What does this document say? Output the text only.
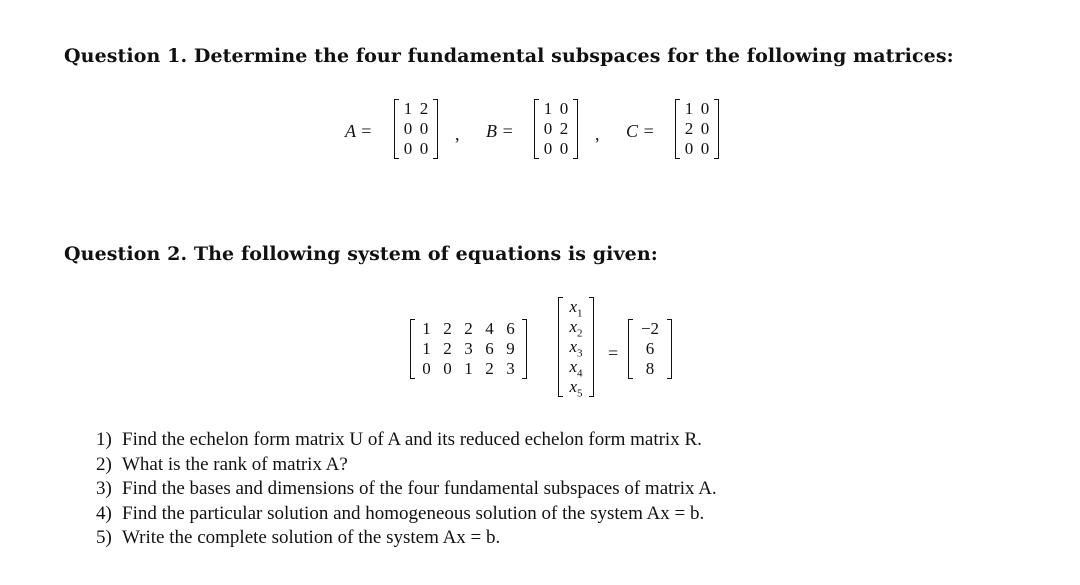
Question 1. Determine the four fundamental subspaces for the following matrices:
A =
1 2
0 0
0 0
, B =
1 0
0 2
0 0
, C =
1 0
2 0
0 0
Question 2. The following system of equations is given:
1 2 2 4 6
1 2 3 6 9
0 0 1 2 3
$x_1$
$x_2$
$x_3$
$x_4$
$x_5$
=
−2
6
8
1) Find the echelon form matrix U of A and its reduced echelon form matrix R.
2) What is the rank of matrix A?
3) Find the bases and dimensions of the four fundamental subspaces of matrix A.
4) Find the particular solution and homogeneous solution of the system Ax = b.
5) Write the complete solution of the system Ax = b.
